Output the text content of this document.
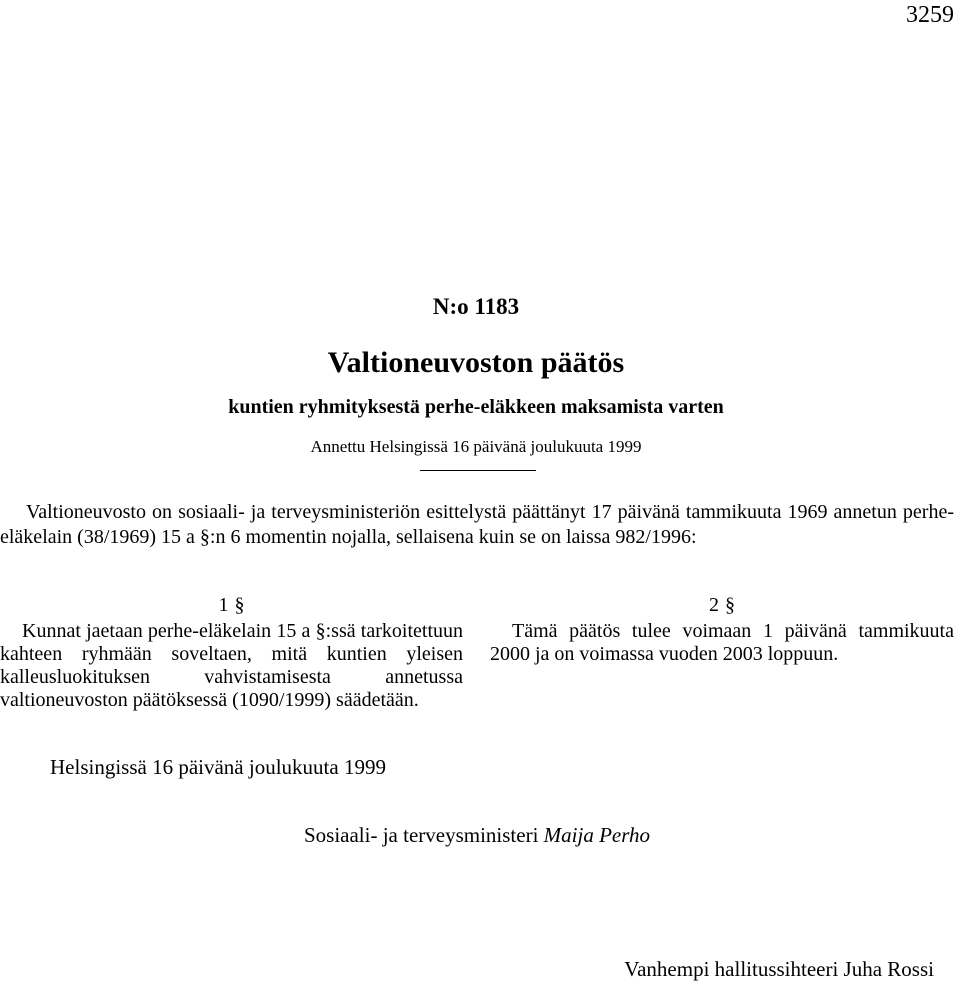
3259
N:o 1183
Valtioneuvoston päätös
kuntien ryhmityksestä perhe-eläkkeen maksamista varten
Annettu Helsingissä 16 päivänä joulukuuta 1999

Valtioneuvosto on sosiaali- ja terveysministeriön esittelystä päättänyt 17 päivänä tammikuuta 1969 annetun perhe-eläkelain (38/1969) 15 a §:n 6 momentin nojalla, sellaisena kuin se on laissa 982/1996:

1 §

Kunnat jaetaan perhe-eläkelain 15 a §:ssä tarkoitettuun kahteen ryhmään soveltaen, mitä kuntien yleisen kalleusluokituksen vahvistamisesta annetussa valtioneuvoston päätöksessä (1090/1999) säädetään.

2 §

Tämä päätös tulee voimaan 1 päivänä tammikuuta 2000 ja on voimassa vuoden 2003 loppuun.

Helsingissä 16 päivänä joulukuuta 1999
Sosiaali- ja terveysministeri Maija Perho
Vanhempi hallitussihteeri Juha Rossi
